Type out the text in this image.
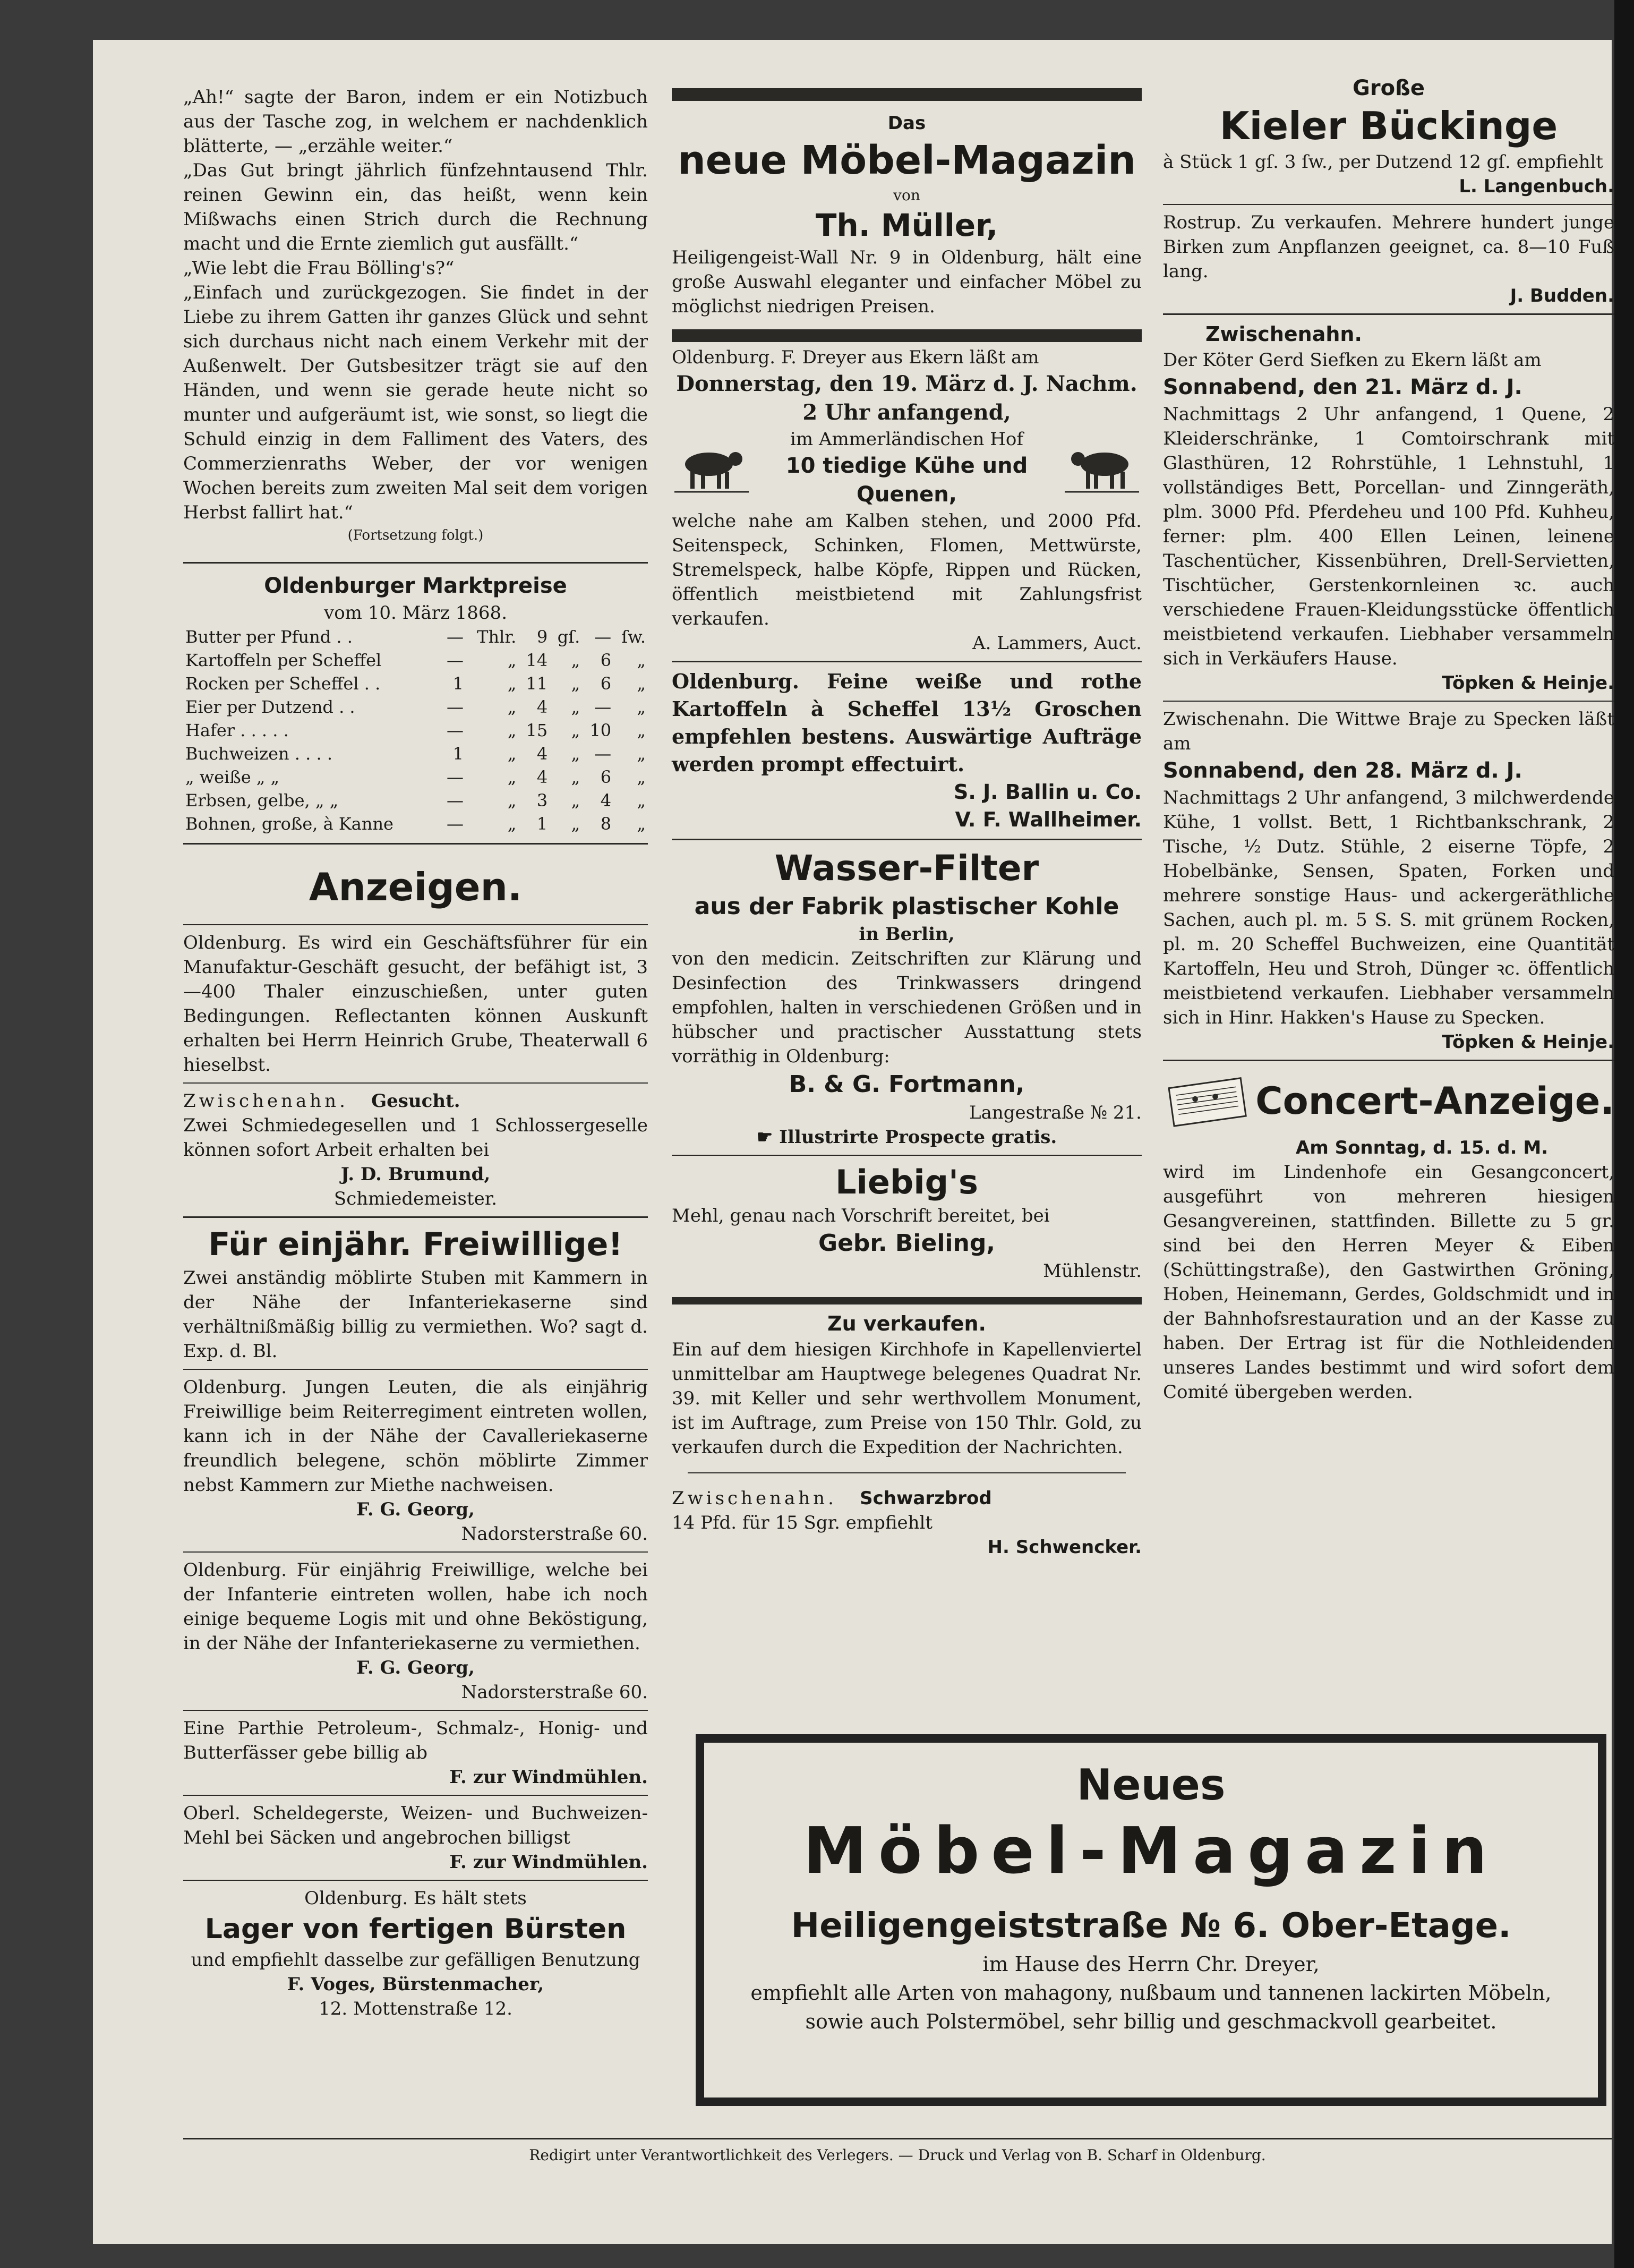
„Ah!“ sagte der Baron, indem er ein Notizbuch aus der Tasche zog, in welchem er nachdenklich blätterte, — „erzähle weiter.“

„Das Gut bringt jährlich fünfzehntausend Thlr. reinen Gewinn ein, das heißt, wenn kein Mißwachs einen Strich durch die Rechnung macht und die Ernte ziemlich gut ausfällt.“

„Wie lebt die Frau Bölling's?“

„Einfach und zurückgezogen. Sie findet in der Liebe zu ihrem Gatten ihr ganzes Glück und sehnt sich durchaus nicht nach einem Verkehr mit der Außenwelt. Der Gutsbesitzer trägt sie auf den Händen, und wenn sie gerade heute nicht so munter und aufgeräumt ist, wie sonst, so liegt die Schuld einzig in dem Falliment des Vaters, des Commerzienraths Weber, der vor wenigen Wochen bereits zum zweiten Mal seit dem vorigen Herbst fallirt hat.“

(Fortsetzung folgt.)

Oldenburger Marktpreise

vom 10. März 1868.

Butter per Pfund . .	—	Thlr.	9	gſ.	—	ſw.
Kartoffeln per Scheffel	—	„	14	„	6	„
Rocken per Scheffel . .	1	„	11	„	6	„
Eier per Dutzend . .	—	„	4	„	—	„
Hafer . . . . .	—	„	15	„	10	„
Buchweizen . . . .	1	„	4	„	—	„
„ weiße „ „	—	„	4	„	6	„
Erbsen, gelbe, „ „	—	„	3	„	4	„
Bohnen, große, à Kanne	—	„	1	„	8	„

Anzeigen.

Oldenburg. Es wird ein Geschäftsführer für ein Manufaktur-Geschäft gesucht, der befähigt ist, 3—400 Thaler einzuschießen, unter guten Bedingungen. Reflectanten können Auskunft erhalten bei Herrn Heinrich Grube, Theaterwall 6 hieselbst.

Zwischenahn. Gesucht.

Zwei Schmiedegesellen und 1 Schlossergeselle können sofort Arbeit erhalten bei

J. D. Brumund,

Schmiedemeister.

Für einjähr. Freiwillige!

Zwei anständig möblirte Stuben mit Kammern in der Nähe der Infanteriekaserne sind verhältnißmäßig billig zu vermiethen. Wo? sagt d. Exp. d. Bl.

Oldenburg. Jungen Leuten, die als einjährig Freiwillige beim Reiterregiment eintreten wollen, kann ich in der Nähe der Cavalleriekaserne freundlich belegene, schön möblirte Zimmer nebst Kammern zur Miethe nachweisen.

F. G. Georg,

Nadorsterstraße 60.

Oldenburg. Für einjährig Freiwillige, welche bei der Infanterie eintreten wollen, habe ich noch einige bequeme Logis mit und ohne Beköstigung, in der Nähe der Infanteriekaserne zu vermiethen.

F. G. Georg,

Nadorsterstraße 60.

Eine Parthie Petroleum-, Schmalz-, Honig- und Butterfässer gebe billig ab

F. zur Windmühlen.

Oberl. Scheldegerste, Weizen- und Buchweizen-Mehl bei Säcken und angebrochen billigst

F. zur Windmühlen.

Oldenburg. Es hält stets

Lager von fertigen Bürsten

und empfiehlt dasselbe zur gefälligen Benutzung

F. Voges, Bürstenmacher,

12. Mottenstraße 12.

Das

neue Möbel-Magazin

von

Th. Müller,

Heiligengeist-Wall Nr. 9 in Oldenburg, hält eine große Auswahl eleganter und einfacher Möbel zu möglichst niedrigen Preisen.

Oldenburg. F. Dreyer aus Ekern läßt am

Donnerstag, den 19. März d. J. Nachm. 2 Uhr anfangend,

im Ammerländischen Hof

10 tiedige Kühe und Quenen,

welche nahe am Kalben stehen, und 2000 Pfd. Seitenspeck, Schinken, Flomen, Mettwürste, Stremelspeck, halbe Köpfe, Rippen und Rücken, öffentlich meistbietend mit Zahlungsfrist verkaufen.

A. Lammers, Auct.

Oldenburg. Feine weiße und rothe Kartoffeln à Scheffel 13½ Groschen empfehlen bestens. Auswärtige Aufträge werden prompt effectuirt.

S. J. Ballin u. Co.

V. F. Wallheimer.

Wasser-Filter

aus der Fabrik plastischer Kohle

in Berlin,

von den medicin. Zeitschriften zur Klärung und Desinfection des Trinkwassers dringend empfohlen, halten in verschiedenen Größen und in hübscher und practischer Ausstattung stets vorräthig in Oldenburg:

B. & G. Fortmann,

Langestraße № 21.

☛ Illustrirte Prospecte gratis.

Liebig's

Mehl, genau nach Vorschrift bereitet, bei

Gebr. Bieling,

Mühlenstr.

Zu verkaufen.

Ein auf dem hiesigen Kirchhofe in Kapellenviertel unmittelbar am Hauptwege belegenes Quadrat Nr. 39. mit Keller und sehr werthvollem Monument, ist im Auftrage, zum Preise von 150 Thlr. Gold, zu verkaufen durch die Expedition der Nachrichten.

Zwischenahn. Schwarzbrod

14 Pfd. für 15 Sgr. empfiehlt

H. Schwencker.

Große

Kieler Bückinge

à Stück 1 gſ. 3 ſw., per Dutzend 12 gſ. empfiehlt

L. Langenbuch.

Rostrup. Zu verkaufen. Mehrere hundert junge Birken zum Anpflanzen geeignet, ca. 8—10 Fuß lang.

J. Budden.

Zwischenahn.

Der Köter Gerd Siefken zu Ekern läßt am

Sonnabend, den 21. März d. J.

Nachmittags 2 Uhr anfangend, 1 Quene, 2 Kleiderschränke, 1 Comtoirschrank mit Glasthüren, 12 Rohrstühle, 1 Lehnstuhl, 1 vollständiges Bett, Porcellan- und Zinngeräth, plm. 3000 Pfd. Pferdeheu und 100 Pfd. Kuhheu, ferner: plm. 400 Ellen Leinen, leinene Taschentücher, Kissenbühren, Drell-Servietten, Tischtücher, Gerstenkornleinen ꝛc. auch verschiedene Frauen-Kleidungsstücke öffentlich meistbietend verkaufen. Liebhaber versammeln sich in Verkäufers Hause.

Töpken & Heinje.

Zwischenahn. Die Wittwe Braje zu Specken läßt am

Sonnabend, den 28. März d. J.

Nachmittags 2 Uhr anfangend, 3 milchwerdende Kühe, 1 vollst. Bett, 1 Richtbankschrank, 2 Tische, ½ Dutz. Stühle, 2 eiserne Töpfe, 2 Hobelbänke, Sensen, Spaten, Forken und mehrere sonstige Haus- und ackergeräthliche Sachen, auch pl. m. 5 S. S. mit grünem Rocken, pl. m. 20 Scheffel Buchweizen, eine Quantität Kartoffeln, Heu und Stroh, Dünger ꝛc. öffentlich meistbietend verkaufen. Liebhaber versammeln sich in Hinr. Hakken's Hause zu Specken.

Töpken & Heinje.

Concert-Anzeige.

Am Sonntag, d. 15. d. M.

wird im Lindenhofe ein Gesangconcert, ausgeführt von mehreren hiesigen Gesangvereinen, stattfinden. Billette zu 5 gr. sind bei den Herren Meyer & Eiben (Schüttingstraße), den Gastwirthen Gröning, Hoben, Heinemann, Gerdes, Goldschmidt und in der Bahnhofsrestauration und an der Kasse zu haben. Der Ertrag ist für die Nothleidenden unseres Landes bestimmt und wird sofort dem Comité übergeben werden.

Neues

Möbel-Magazin

Heiligengeiststraße № 6. Ober-Etage.

im Hause des Herrn Chr. Dreyer,

empfiehlt alle Arten von mahagony, nußbaum und tannenen lackirten Möbeln, sowie auch Polstermöbel, sehr billig und geschmackvoll gearbeitet.

Redigirt unter Verantwortlichkeit des Verlegers. — Druck und Verlag von B. Scharf in Oldenburg.
